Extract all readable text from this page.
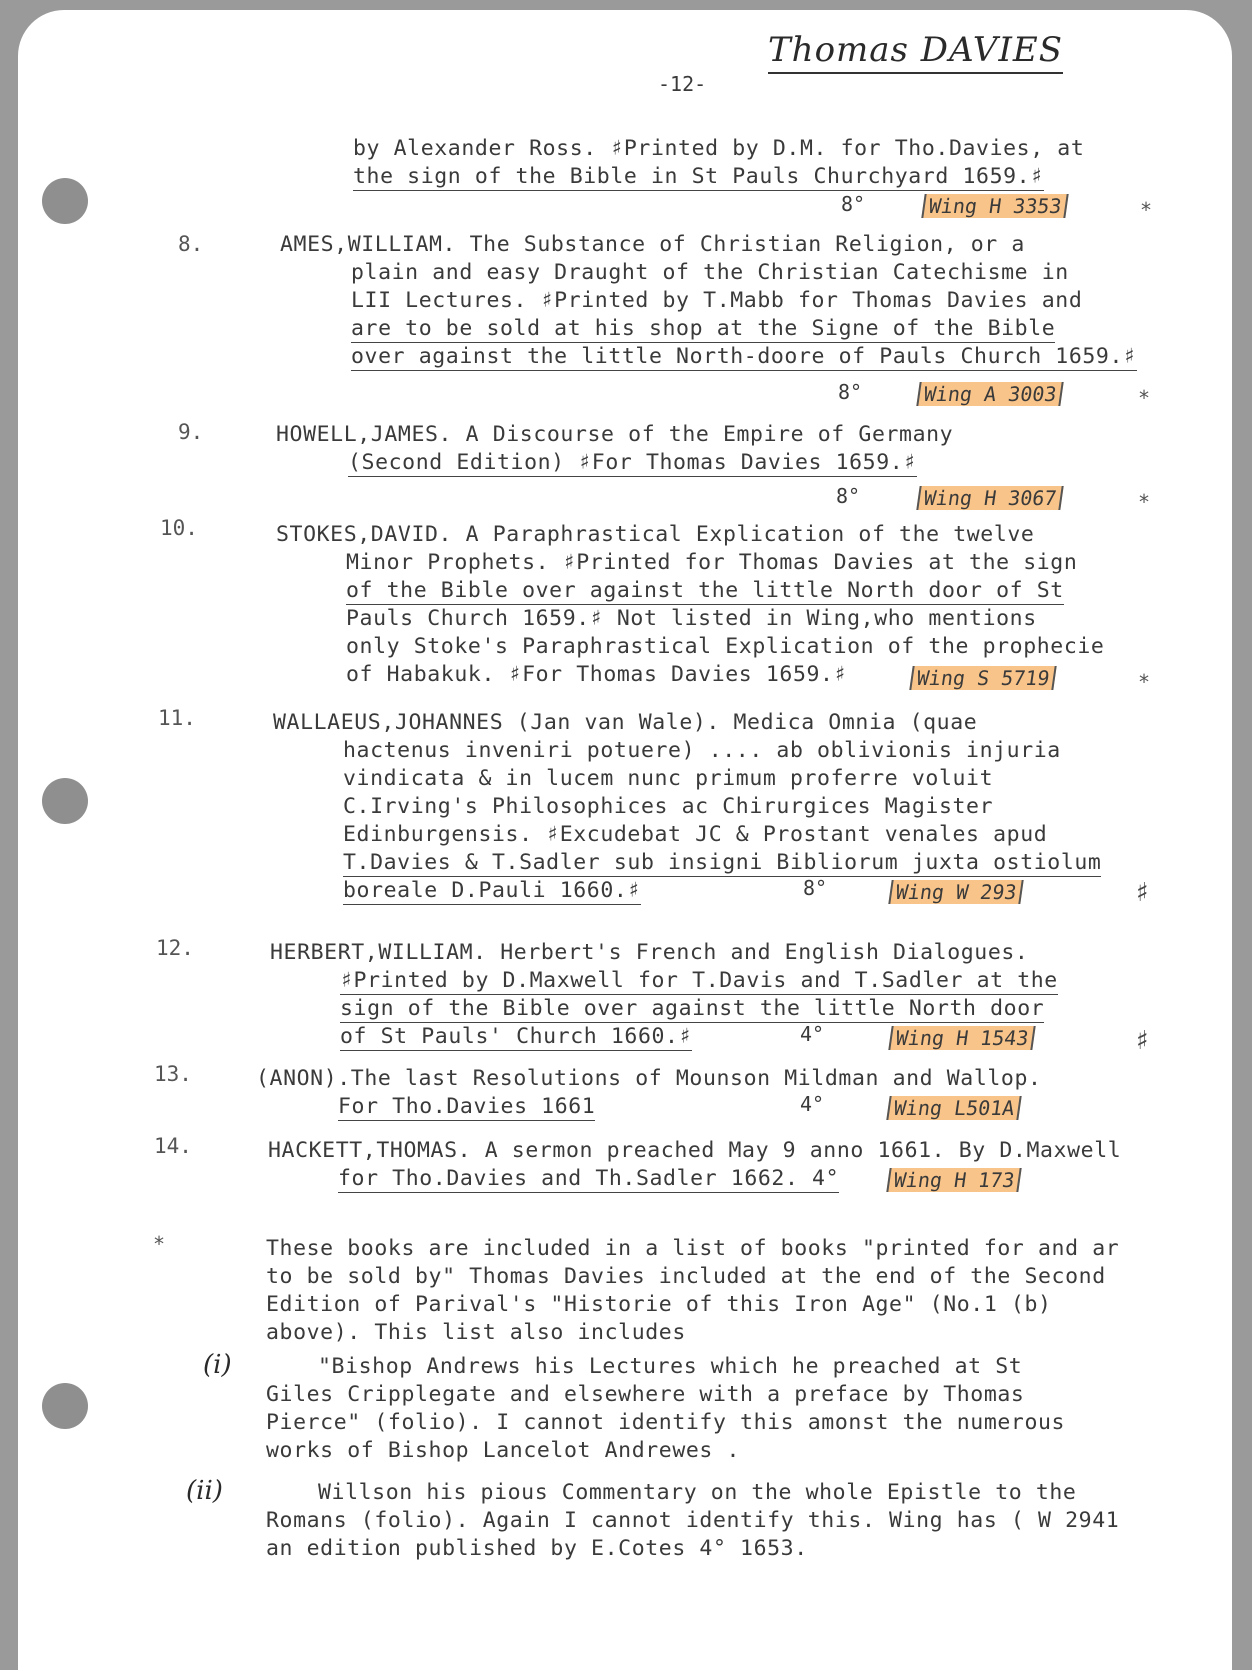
Thomas DAVIES
-12-
by Alexander Ross. ♯Printed by D.M. for Tho.Davies, at
the sign of the Bible in St Pauls Churchyard 1659.♯
8°	Wing H 3353	*
8.	AMES,WILLIAM. The Substance of Christian Religion, or a
plain and easy Draught of the Christian Catechisme in
LII Lectures. ♯Printed by T.Mabb for Thomas Davies and
are to be sold at his shop at the Signe of the Bible
over against the little North-doore of Pauls Church 1659.♯
8°	Wing A 3003	*
9.	HOWELL,JAMES. A Discourse of the Empire of Germany
(Second Edition) ♯For Thomas Davies 1659.♯
8°	Wing H 3067	*
10.	STOKES,DAVID. A Paraphrastical Explication of the twelve
Minor Prophets. ♯Printed for Thomas Davies at the sign
of the Bible over against the little North door of St
Pauls Church 1659.♯ Not listed in Wing,who mentions
only Stoke's Paraphrastical Explication of the prophecie
of Habakuk. ♯For Thomas Davies 1659.♯	Wing S 5719	*
11.	WALLAEUS,JOHANNES (Jan van Wale). Medica Omnia (quae
hactenus inveniri potuere) .... ab oblivionis injuria
vindicata & in lucem nunc primum proferre voluit
C.Irving's Philosophices ac Chirurgices Magister
Edinburgensis. ♯Excudebat JC & Prostant venales apud
T.Davies & T.Sadler sub insigni Bibliorum juxta ostiolum
boreale D.Pauli 1660.♯	8°	Wing W 293	♯
12.	HERBERT,WILLIAM. Herbert's French and English Dialogues.
♯Printed by D.Maxwell for T.Davis and T.Sadler at the
sign of the Bible over against the little North door
of St Pauls' Church 1660.♯	4°	Wing H 1543	♯
13.	(ANON).The last Resolutions of Mounson Mildman and Wallop.
For Tho.Davies 1661	4°	Wing L501A
14.	HACKETT,THOMAS. A sermon preached May 9 anno 1661. By D.Maxwell
for Tho.Davies and Th.Sadler 1662. 4°	Wing H 173
*	These books are included in a list of books "printed for and ar
to be sold by" Thomas Davies included at the end of the Second
Edition of Parival's "Historie of this Iron Age" (No.1 (b)
above). This list also includes
(i)	"Bishop Andrews his Lectures which he preached at St
Giles Cripplegate and elsewhere with a preface by Thomas
Pierce" (folio). I cannot identify this amonst the numerous
works of Bishop Lancelot Andrewes .
(ii)	Willson his pious Commentary on the whole Epistle to the
Romans (folio). Again I cannot identify this. Wing has ( W 2941
an edition published by E.Cotes 4° 1653.
